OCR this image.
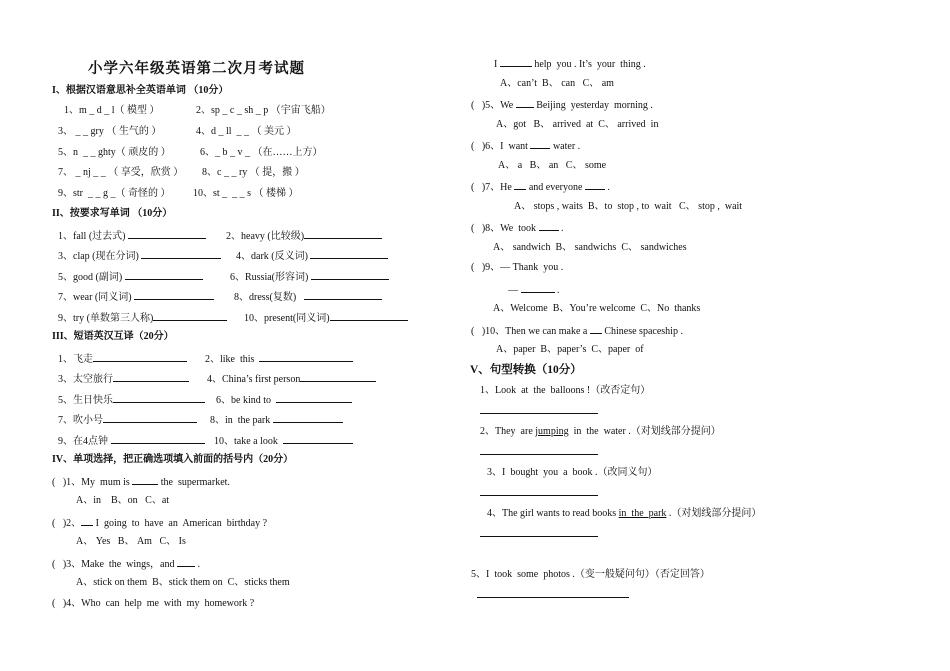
小学六年级英语第二次月考试题
I、根据汉语意思补全英语单词 （10分）
1、m _ d _ l（ 模型 ）	2、sp _ c _ sh _ p （宇宙飞船）
3、 _ _ gry （ 生气的 ）	4、d _ ll  _ _ （ 美元 ）
5、n  _ _ ghty（ 顽皮的 ）	6、_ b _ v _ （在……上方）
7、 _ nj _ _ （ 享受，欣赏 ） 8、c _ _ ry （ 提，搬 ）
9、str  _ _ g _（ 奇怪的 ） 10、st _  _ _ s （ 楼梯 ）
II、按要求写单词 （10分）
1、fall (过去式)	2、heavy (比较级)
3、clap (现在分词)	4、dark (反义词)
5、good (副词)	6、Russia(形容词)
7、wear (同义词)	8、dress(复数)
9、try (单数第三人称)	10、present(同义词)
III、短语英汉互译（20分）
1、飞走	2、like  this
3、太空旅行	4、China’s first person
5、生日快乐	6、be kind to
7、吹小号	8、in  the park
9、在4点钟	10、take a look
IV、单项选择，把正确选项填入前面的括号内（20分）
(   )1、My  mum is	the  supermarket.
A、in    B、on   C、at
(   )2、 I  going  to  have  an  American  birthday ?
A、 Yes   B、 Am   C、 Is
(   )3、Make  the  wings，and  .
A、stick on them  B、stick them on  C、sticks them
(   )4、Who  can  help  me  with  my  homework ?
I	help  you . It’s  your  thing .
A、can’t  B、 can   C、 am
(   )5、We  Beijing  yesterday  morning .
A、got   B、 arrived  at  C、 arrived  in
(   )6、I  want  water .
A、 a   B、 an   C、 some
(   )7、He  and everyone  .
A、 stops , waits  B、to  stop , to  wait   C、 stop ,  wait
(   )8、We  took  .
A、 sandwich  B、 sandwichs  C、 sandwiches
(   )9、— Thank  you .
—	.
A、Welcome  B、You’re welcome  C、No  thanks
(   )10、Then we can make a  Chinese spaceship .
A、paper  B、paper’s  C、paper  of
V、句型转换（10分）
1、Look  at  the  balloons !（改否定句）
2、They  are jumping  in  the  water .（对划线部分提问）
3、I  bought  you  a  book .（改同义句）
4、The girl wants to read books in  the  park .（对划线部分提问）
5、I  took  some  photos .（变一般疑问句）（否定回答）
